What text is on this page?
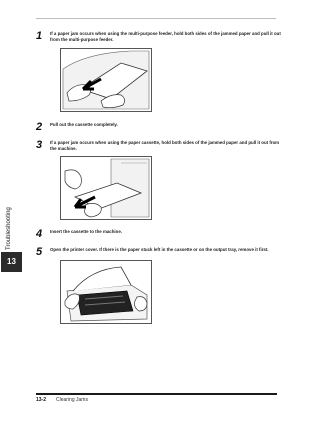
Troubleshooting
13
1 If a paper jam occurs when using the multi-purpose feeder, hold both sides of the jammed paper and pull it out from the multi-purpose feeder.
2 Pull out the cassette completely.
3 If a paper jam occurs when using the paper cassette, hold both sides of the jammed paper and pull it out from the machine.
4 Insert the cassette to the machine.
5 Open the printer cover. If there is the paper stuck left in the cassette or on the output tray, remove it first.
13-2 Clearing Jams
